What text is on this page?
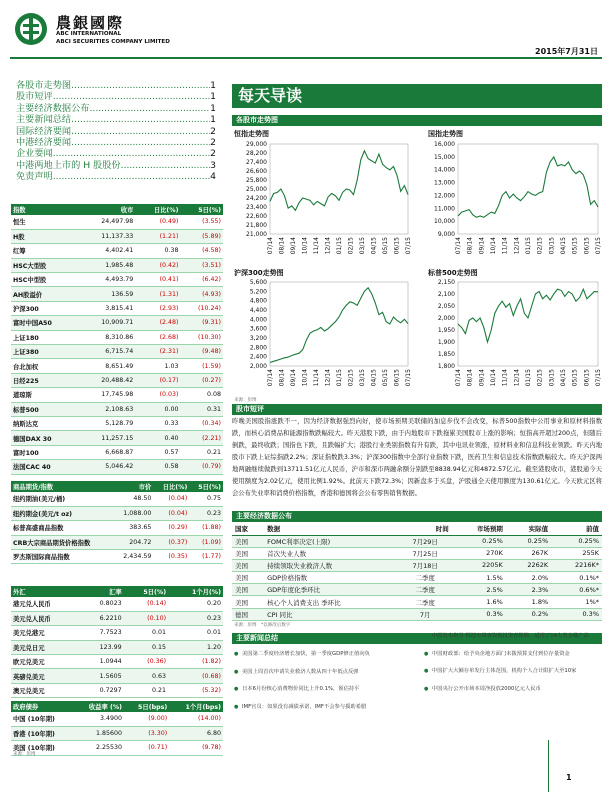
農銀國際
ABC INTERNATIONAL
ABCI SECURITIES COMPANY LIMITED
2015年7月31日
各股市走势图 .....	1
股市短评 .....	1
主要经济数据公布 .....	1
主要新闻总结 .....	1
国际经济要闻 .....	2
中港经济要闻 .....	2
企业要闻 .....	2
中港两地上市的 H 股股份 .....	3
免责声明 .....	4
指数	收市	日比(%)	5日(%)
恒生	24,497.98	(0.49)	(3.55)
H股	11,137.33	(1.21)	(5.89)
红筹	4,402.41	0.38	(4.58)
HSC大型股	1,985.48	(0.42)	(3.51)
HSC中型股	4,493.79	(0.41)	(6.42)
AH股溢价	136.59	(1.31)	(4.93)
沪深300	3,815.41	(2.93)	(10.24)
富时中国A50	10,909.71	(2.48)	(9.31)
上证180	8,310.86	(2.68)	(10.30)
上证380	6,715.74	(2.31)	(9.48)
台北加权	8,651.49	1.03	(1.59)
日经225	20,488.42	(0.17)	(0.27)
道琼斯	17,745.98	(0.03)	0.08
标普500	2,108.63	0.00	0.31
纳斯达克	5,128.79	0.33	(0.34)
德国DAX 30	11,257.15	0.40	(2.21)
富时100	6,668.87	0.57	0.21
法国CAC 40	5,046.42	0.58	(0.79)
商品期货/指数	市价	日比(%)	5日(%)
纽约期油(美元/桶)	48.50	(0.04)	0.75
纽约期金(美元/t oz)	1,088.00	(0.04)	0.23
标普高盛商品指数	383.65	(0.29)	(1.88)
CRB大宗商品期货价格指数	204.72	(0.37)	(1.09)
罗杰斯国际商品指数	2,434.59	(0.35)	(1.77)
外汇	汇率	5日(%)	1个月(%)
港元兑人民币	0.8023	(0.14)	0.20
美元兑人民币	6.2210	(0.10)	0.23
美元兑港元	7.7523	0.01	0.01
美元兑日元	123.99	0.15	1.20
欧元兑美元	1.0944	(0.36)	(1.82)
英磅兑美元	1.5605	0.63	(0.68)
澳元兑美元	0.7297	0.21	(5.32)
政府债券	收益率 (%)	5日(bps)	1个月(bps)
中国 (10年期)	3.4900	(9.00)	(14.00)
香港 (10年期)	1.85600	(3.30)	6.80
美国 (10年期)	2.25530	(0.71)	(9.78)
来源：彭博
每天导读
各股市走势图
恒指走势图	国指走势图
29,000
28,200
27,400
26,600
25,800
25,000
24,200
23,400
22,600
21,800
21,000
07/14 08/14 09/14 10/14 11/14 12/14 01/15 02/15 03/15 04/15 05/15 06/15 07/15
16,000
15,000
14,000
13,000
12,000
11,000
10,000
9,000
07/14 08/14 09/14 10/14 11/14 12/14 01/15 02/15 03/15 04/15 05/15 06/15 07/15
沪深300走势图	标普500走势图
5,600
5,200
4,800
4,400
4,000
3,600
3,200
2,800
2,400
2,000
07/14 08/14 09/14 10/14 11/14 12/14 01/15 02/15 03/15 04/15 05/15 06/15 07/15
2,150
2,100
2,050
2,000
1,950
1,900
1,850
1,800
07/14 08/14 09/14 10/14 11/14 12/14 01/15 02/15 03/15 04/15 05/15 06/15 07/15
来源：彭博
股市短评
昨晚美国股指涨跌不一，因为经济数据强烈向好，使市场预期美联储的加息步伐不会改变，标普500指数中公用事业和原材料指数跌，而核心消费品和能源指数跌幅较大。昨天港股下跌，由于内地股市下跌拖累美国股市上涨的影响；恒指高开超过200点，但随后倒跌，最终收跌；国指也下跌，且跌幅扩大；港股行业类别指数有升有跌，其中电讯业领涨，原材料业和信息科技业领跌。昨天内地股市下跌上证综指跌2.2%；深证指数跌3.3%；沪深300指数中全部行业指数下跌，医药卫生和信息技术指数跌幅较大。昨天沪深两地两融继续做跌到13711.51亿元人民币，沪市和深市两融余额分别跌至8838.94亿元和4872.57亿元。截至港股收市，港股通今天使用额度为2.02亿元，使用比例1.92%。此前天下跌72.3%；因新盘多于买盘，沪股通全天使用额度为130.61亿元。今天欧元区将会公布失业率和消费价格指数，香港和德国将会公布零售销售数据。
主要经济数据公布
国家	数据	时间	市场预期	实际值	前值
美国	FOMC利率决定(上限)	7月29日	0.25%	0.25%	0.25%
美国	首次失业人数	7月25日	270K	267K	255K
美国	持续领取失业救济人数	7月18日	2205K	2262K	2216K*
美国	GDP价格指数	二季度	1.5%	2.0%	0.1%*
美国	GDP年度化季环比	二季度	2.5%	2.3%	0.6%*
美国	核心个人消费支出 季环比	二季度	1.6%	1.8%	1%*
德国	CPI 同比	7月	0.3%	0.2%	0.3%
来源：彭博　*以修改后数字
主要新闻总结
● 美国第二季度经济增长加快，第一季度GDP修正值向负
● 美国上周首次申请失业救济人数从四十年低点反弹
● 日本6月份核心消费物价同比上升0.1%，预估持平
● IMF官员：如果没有减债承诺，IMF不会参与援助希腊
● 中国发布指引 阿德市场客资股投资者保障，适用于14大类金融产品
● 中国财政部：给予央企地方面门未拨预算支付到位存量资金
● 中国扩大大额存单发行主体范围，机构个人合计限扩大至10家
● 中国央行公开市场本周净投放2000亿元人民币
1
